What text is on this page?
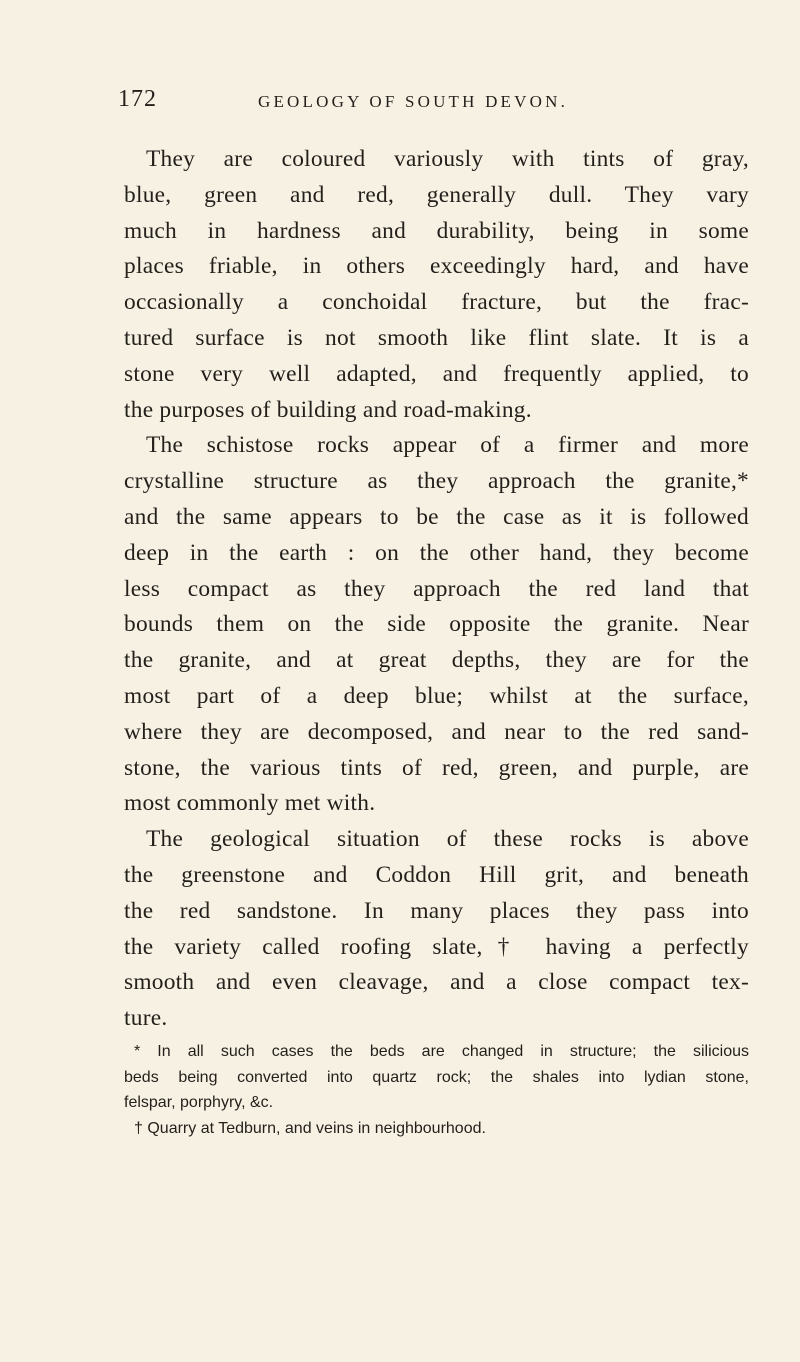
172	GEOLOGY OF SOUTH DEVON.
They are coloured variously with tints of gray,
blue, green and red, generally dull. They vary
much in hardness and durability, being in some
places friable, in others exceedingly hard, and have
occasionally a conchoidal fracture, but the frac-
tured surface is not smooth like flint slate. It is a
stone very well adapted, and frequently applied, to
the purposes of building and road-making.
The schistose rocks appear of a firmer and more
crystalline structure as they approach the granite,*
and the same appears to be the case as it is followed
deep in the earth : on the other hand, they become
less compact as they approach the red land that
bounds them on the side opposite the granite. Near
the granite, and at great depths, they are for the
most part of a deep blue; whilst at the surface,
where they are decomposed, and near to the red sand-
stone, the various tints of red, green, and purple, are
most commonly met with.
The geological situation of these rocks is above
the greenstone and Coddon Hill grit, and beneath
the red sandstone. In many places they pass into
the variety called roofing slate,† having a perfectly
smooth and even cleavage, and a close compact tex-
ture.
* In all such cases the beds are changed in structure; the silicious
beds being converted into quartz rock; the shales into lydian stone,
felspar, porphyry, &c.
† Quarry at Tedburn, and veins in neighbourhood.
